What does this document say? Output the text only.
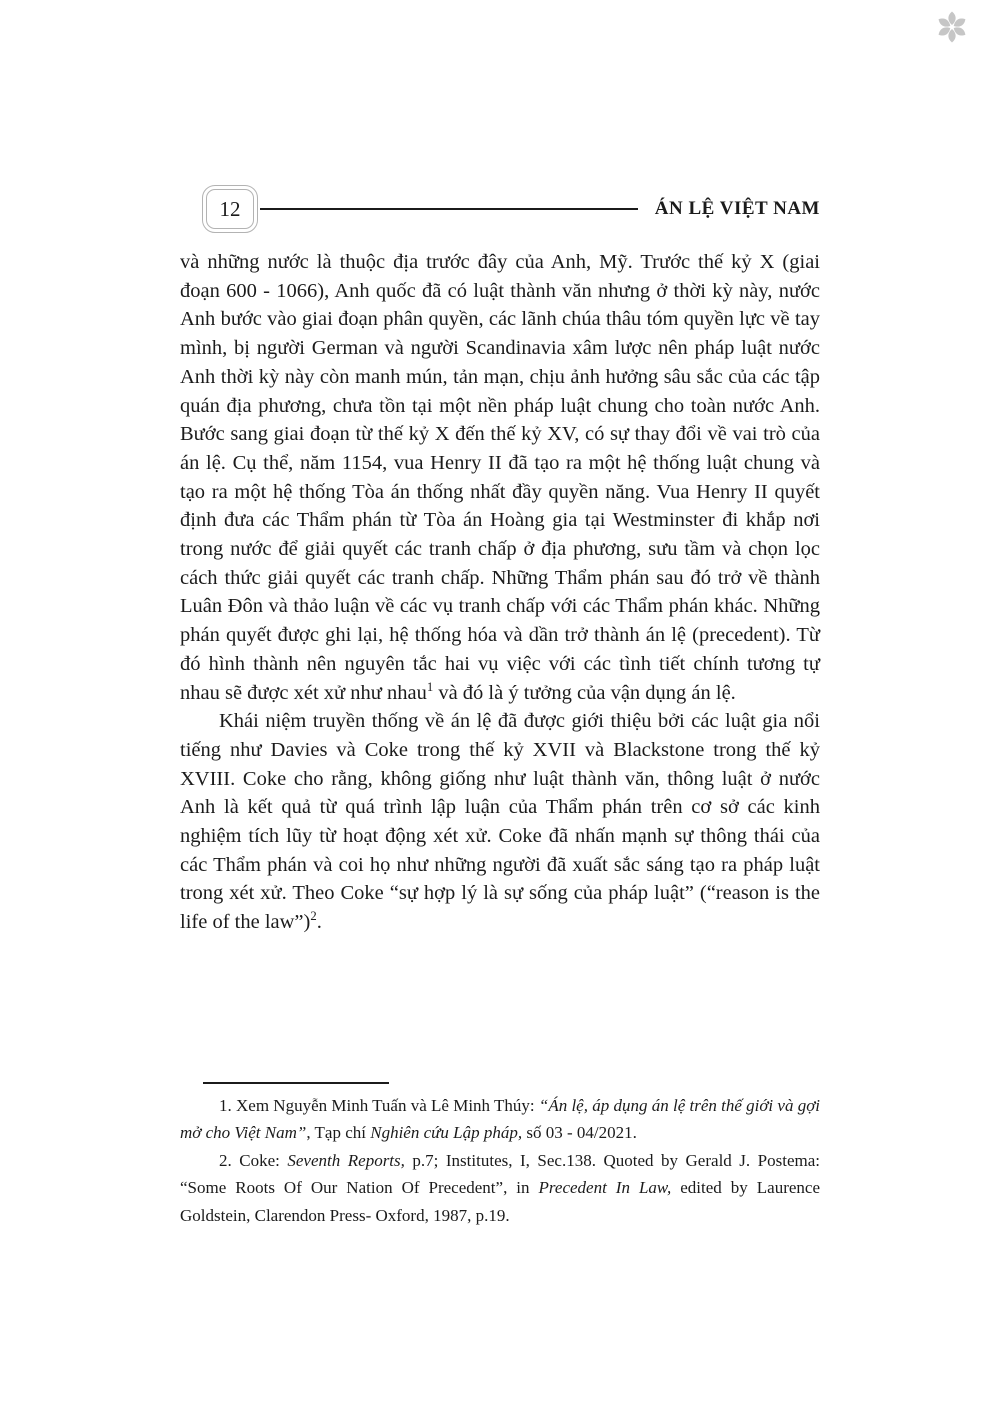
12	ÁN LỆ VIỆT NAM

và những nước là thuộc địa trước đây của Anh, Mỹ. Trước thế kỷ X (giai đoạn 600 - 1066), Anh quốc đã có luật thành văn nhưng ở thời kỳ này, nước Anh bước vào giai đoạn phân quyền, các lãnh chúa thâu tóm quyền lực về tay mình, bị người German và người Scandinavia xâm lược nên pháp luật nước Anh thời kỳ này còn manh mún, tản mạn, chịu ảnh hưởng sâu sắc của các tập quán địa phương, chưa tồn tại một nền pháp luật chung cho toàn nước Anh. Bước sang giai đoạn từ thế kỷ X đến thế kỷ XV, có sự thay đổi về vai trò của án lệ. Cụ thể, năm 1154, vua Henry II đã tạo ra một hệ thống luật chung và tạo ra một hệ thống Tòa án thống nhất đầy quyền năng. Vua Henry II quyết định đưa các Thẩm phán từ Tòa án Hoàng gia tại Westminster đi khắp nơi trong nước để giải quyết các tranh chấp ở địa phương, sưu tầm và chọn lọc cách thức giải quyết các tranh chấp. Những Thẩm phán sau đó trở về thành Luân Đôn và thảo luận về các vụ tranh chấp với các Thẩm phán khác. Những phán quyết được ghi lại, hệ thống hóa và dần trở thành án lệ (precedent). Từ đó hình thành nên nguyên tắc hai vụ việc với các tình tiết chính tương tự nhau sẽ được xét xử như nhau$^1$ và đó là ý tưởng của vận dụng án lệ.

Khái niệm truyền thống về án lệ đã được giới thiệu bởi các luật gia nổi tiếng như Davies và Coke trong thế kỷ XVII và Blackstone trong thế kỷ XVIII. Coke cho rằng, không giống như luật thành văn, thông luật ở nước Anh là kết quả từ quá trình lập luận của Thẩm phán trên cơ sở các kinh nghiệm tích lũy từ hoạt động xét xử. Coke đã nhấn mạnh sự thông thái của các Thẩm phán và coi họ như những người đã xuất sắc sáng tạo ra pháp luật trong xét xử. Theo Coke “sự hợp lý là sự sống của pháp luật” (“reason is the life of the law”)$^2$.

1. Xem Nguyễn Minh Tuấn và Lê Minh Thúy: “Án lệ, áp dụng án lệ trên thế giới và gợi mở cho Việt Nam”, Tạp chí Nghiên cứu Lập pháp, số 03 - 04/2021.

2. Coke: Seventh Reports, p.7; Institutes, I, Sec.138. Quoted by Gerald J. Postema: “Some Roots Of Our Nation Of Precedent”, in Precedent In Law, edited by Laurence Goldstein, Clarendon Press- Oxford, 1987, p.19.
